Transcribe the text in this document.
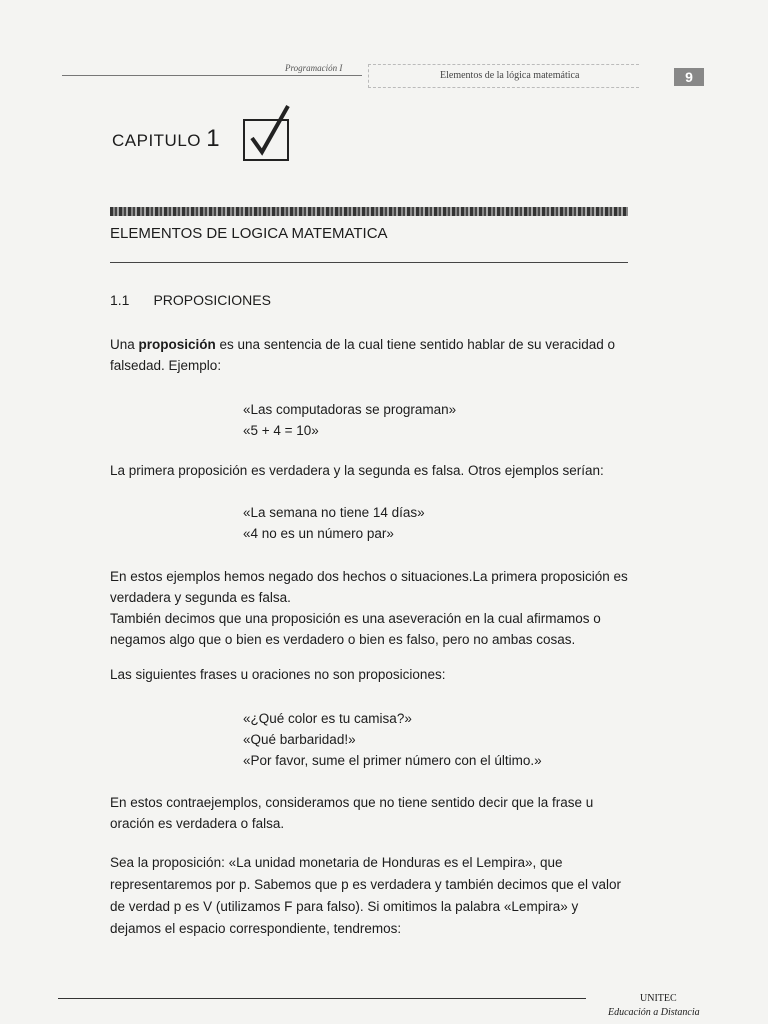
Programación I
Elementos de la lógica matemática	9
CAPITULO 1
ELEMENTOS DE LOGICA MATEMATICA
1.1 PROPOSICIONES
Una proposición es una sentencia de la cual tiene sentido hablar de su veracidad o falsedad. Ejemplo:
«Las computadoras se programan»
«5 + 4 = 10»
La primera proposición es verdadera y la segunda es falsa. Otros ejemplos serían:
«La semana no tiene 14 días»
«4 no es un número par»
En estos ejemplos hemos negado dos hechos o situaciones.La primera proposición es verdadera y segunda es falsa.
También decimos que una proposición es una aseveración en la cual afirmamos o negamos algo que o bien es verdadero o bien es falso, pero no ambas cosas.
Las siguientes frases u oraciones no son proposiciones:
«¿Qué color es tu camisa?»
«Qué barbaridad!»
«Por favor, sume el primer número con el último.»
En estos contraejemplos, consideramos que no tiene sentido decir que la frase u oración es verdadera o falsa.
Sea la proposición: «La unidad monetaria de Honduras es el Lempira», que representaremos por p. Sabemos que p es verdadera y también decimos que el valor de verdad p es V (utilizamos F para falso). Si omitimos la palabra «Lempira» y dejamos el espacio correspondiente, tendremos:
UNITEC
Educación a Distancia
